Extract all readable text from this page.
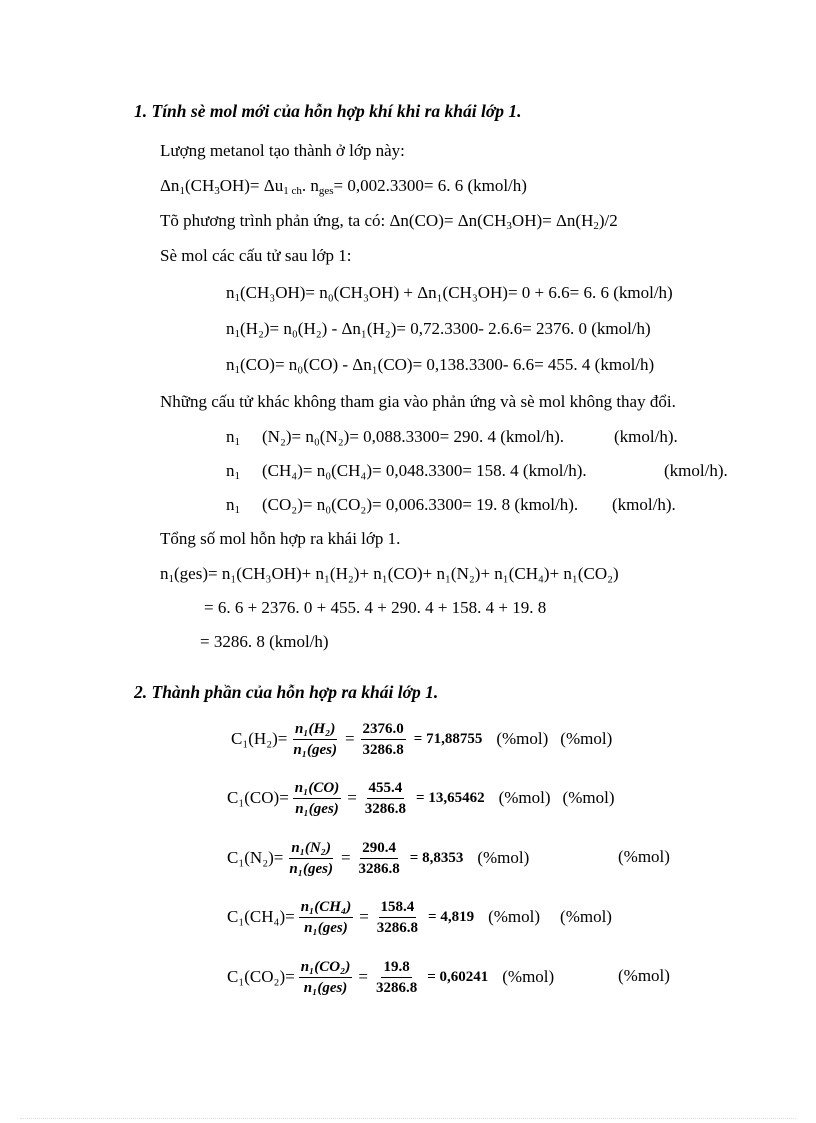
1. Tính sè mol mới của hỗn hợp khí khi ra khái lớp 1.
Lượng metanol tạo thành ở lớp này:
$\Delta n_1(CH_3OH)= \Delta u_{1 ch}$. $n_{ges}= 0,002.3300= 6$. 6 (kmol/h)
Tõ phương trình phản ứng, ta có: $\Delta n(CO)= \Delta n(CH_3OH)= \Delta n(H_2)/2$
Sè mol các cấu tử sau lớp 1:
$n_1(CH_3OH)= n_0(CH_3OH) + \Delta n_1(CH_3OH)= 0 + 6.6= 6$. 6 (kmol/h)
$n_1(H_2)= n_0(H_2) - \Delta n_1(H_2)= 0,72.3300-$ 2.6.6= 2376. 0 (kmol/h)
$n_1(CO)= n_0(CO) - \Delta n_1(CO)= 0,138.3300-$ 6.6= 455. 4 (kmol/h)
Những cấu tử khác không tham gia vào phản ứng và sè mol không thay đổi.
$n_1$ (N₂)= n₀(N₂)= 0,088.3300= 290. 4 (kmol/h).	(kmol/h).
$n_1$ (CH₄)= n₀(CH₄)= 0,048.3300= 158. 4 (kmol/h).	(kmol/h).
$n_1$ (CO₂)= n₀(CO₂)= 0,006.3300= 19. 8 (kmol/h). (kmol/h).
Tổng số mol hỗn hợp ra khái lớp 1.
$n_1(ges)= n_1(CH_3OH)+ n_1(H_2)+ n_1(CO)+ n_1(N_2)+ n_1(CH_4)+ n_1(CO_2)$
= 6. 6 + 2376. 0 + 455. 4 + 290. 4 + 158. 4 + 19. 8
= 3286. 8 (kmol/h)
2. Thành phần của hỗn hợp ra khái lớp 1.
$C_1(H_2)= \frac{\text{n₁(H₂)}}{\text{n₁(ges)}} = \frac{2376.0}{3286.8} = 71,88755$ (%mol) (%mol)
$C_1(CO)= \frac{\text{n₁(CO)}}{\text{n₁(ges)}} = \frac{455.4}{3286.8} = 13,65462$ (%mol) (%mol)
$C_1(N_2)= \frac{\text{n₁(N₂)}}{\text{n₁(ges)}} = \frac{290.4}{3286.8} = 8,8353$ (%mol)	(%mol)
$C_1(CH_4)= \frac{\text{n₁(CH₄)}}{\text{n₁(ges)}} = \frac{158.4}{3286.8} = 4,819$ (%mol) (%mol)
$C_1(CO_2)= \frac{\text{n₁(CO₂)}}{\text{n₁(ges)}} = \frac{19.8}{3286.8} = 0,60241$ (%mol)	(%mol)
